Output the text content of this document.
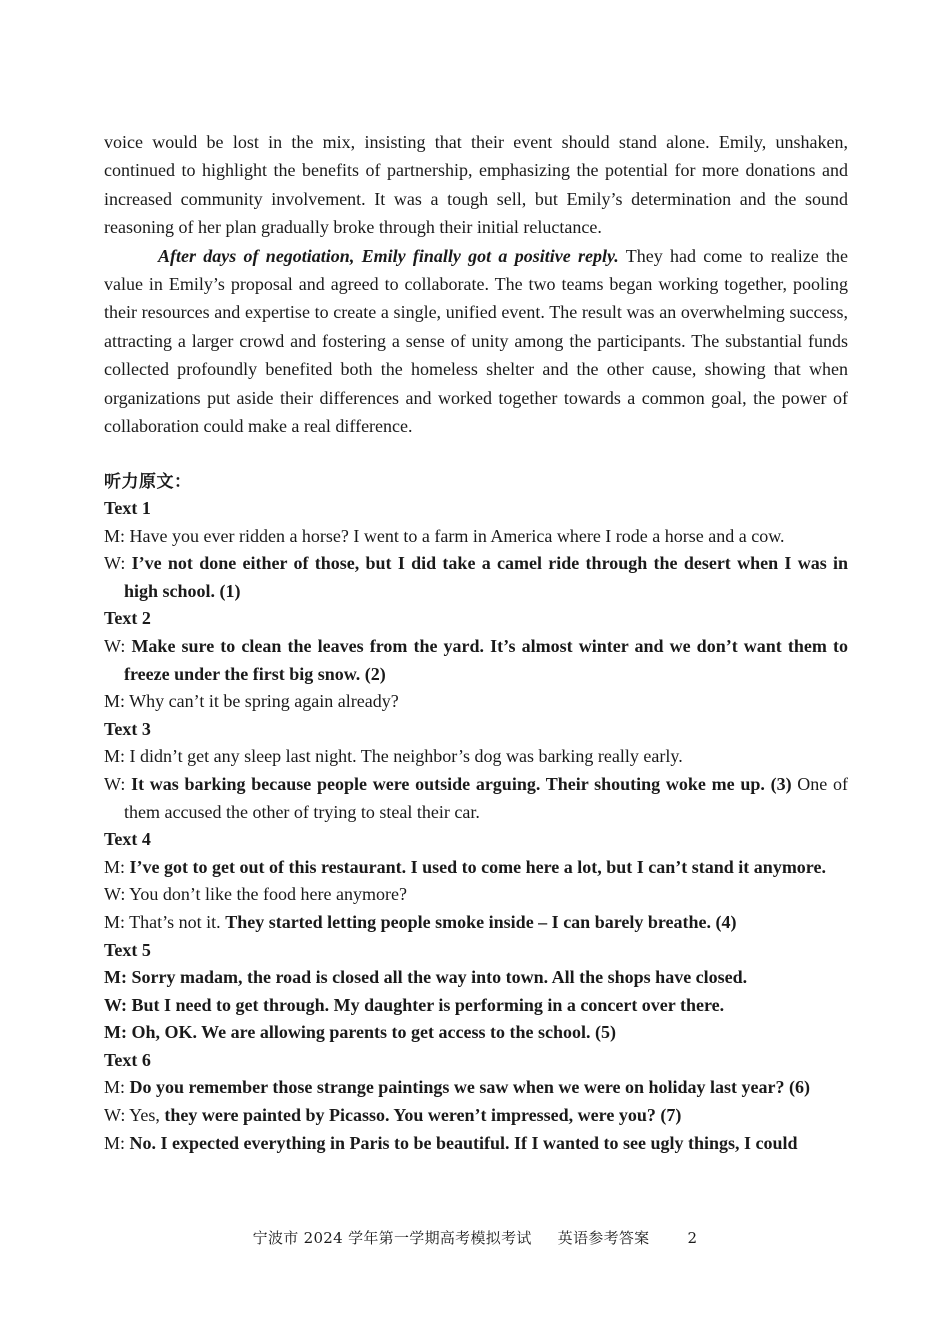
voice would be lost in the mix, insisting that their event should stand alone. Emily, unshaken, continued to highlight the benefits of partnership, emphasizing the potential for more donations and increased community involvement. It was a tough sell, but Emily’s determination and the sound reasoning of her plan gradually broke through their initial reluctance.

After days of negotiation, Emily finally got a positive reply. They had come to realize the value in Emily’s proposal and agreed to collaborate. The two teams began working together, pooling their resources and expertise to create a single, unified event. The result was an overwhelming success, attracting a larger crowd and fostering a sense of unity among the participants. The substantial funds collected profoundly benefited both the homeless shelter and the other cause, showing that when organizations put aside their differences and worked together towards a common goal, the power of collaboration could make a real difference.

听力原文：
Text 1
M: Have you ever ridden a horse? I went to a farm in America where I rode a horse and a cow.
W: I’ve not done either of those, but I did take a camel ride through the desert when I was in high school. (1)
Text 2
W: Make sure to clean the leaves from the yard. It’s almost winter and we don’t want them to freeze under the first big snow. (2)
M: Why can’t it be spring again already?
Text 3
M: I didn’t get any sleep last night. The neighbor’s dog was barking really early.
W: It was barking because people were outside arguing. Their shouting woke me up. (3) One of them accused the other of trying to steal their car.
Text 4
M: I’ve got to get out of this restaurant. I used to come here a lot, but I can’t stand it anymore.
W: You don’t like the food here anymore?
M: That’s not it. They started letting people smoke inside – I can barely breathe. (4)
Text 5
M: Sorry madam, the road is closed all the way into town. All the shops have closed.
W: But I need to get through. My daughter is performing in a concert over there.
M: Oh, OK. We are allowing parents to get access to the school. (5)
Text 6
M: Do you remember those strange paintings we saw when we were on holiday last year? (6)
W: Yes, they were painted by Picasso. You weren’t impressed, were you? (7)
M: No. I expected everything in Paris to be beautiful. If I wanted to see ugly things, I could
宁波市 2024 学年第一学期高考模拟考试 英语参考答案	2
